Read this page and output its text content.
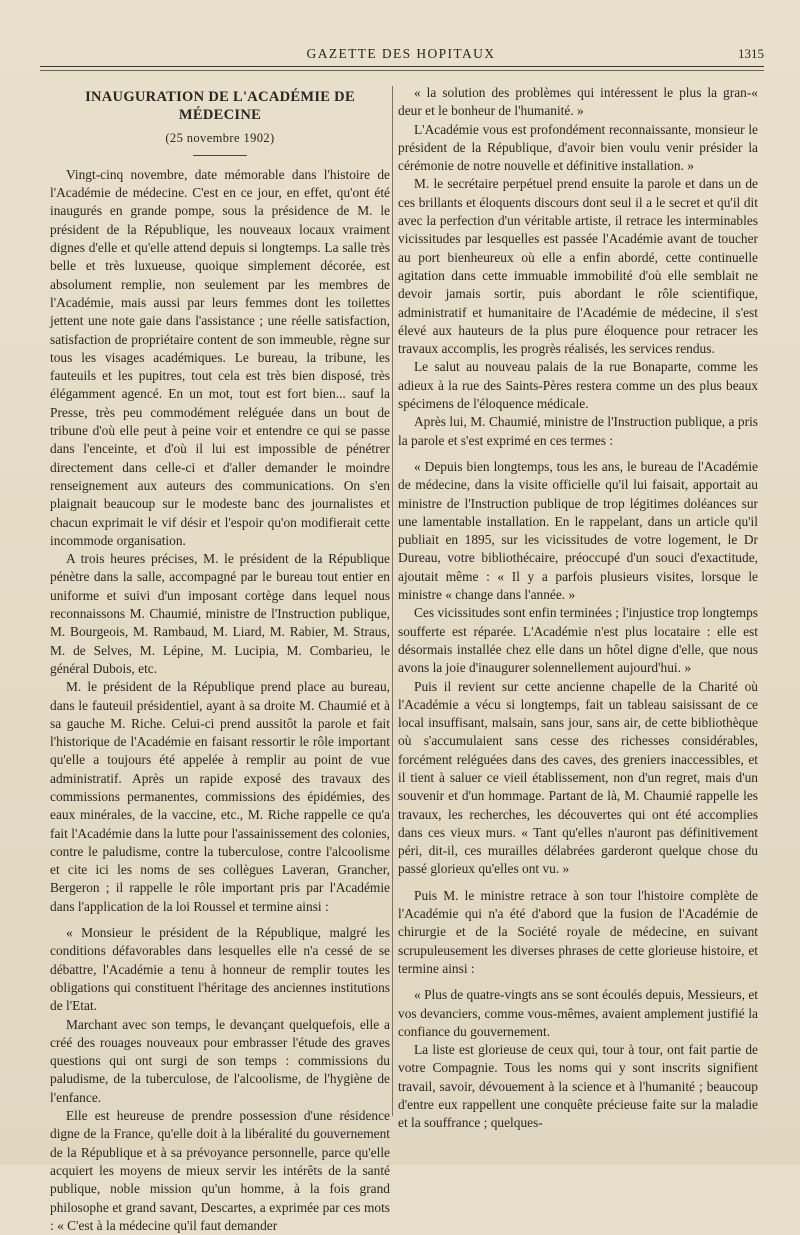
GAZETTE DES HOPITAUX	1315
INAUGURATION DE L'ACADÉMIE DE MÉDECINE
(25 novembre 1902)

Vingt-cinq novembre, date mémorable dans l'histoire de l'Académie de médecine. C'est en ce jour, en effet, qu'ont été inaugurés en grande pompe, sous la présidence de M. le président de la République, les nouveaux locaux vraiment dignes d'elle et qu'elle attend depuis si longtemps. La salle très belle et très luxueuse, quoique simplement décorée, est absolument remplie, non seulement par les membres de l'Académie, mais aussi par leurs femmes dont les toilettes jettent une note gaie dans l'assistance ; une réelle satisfaction, satisfaction de propriétaire content de son immeuble, règne sur tous les visages académiques. Le bureau, la tribune, les fauteuils et les pupitres, tout cela est très bien disposé, très élégamment agencé. En un mot, tout est fort bien... sauf la Presse, très peu commodément reléguée dans un bout de tribune d'où elle peut à peine voir et entendre ce qui se passe dans l'enceinte, et d'où il lui est impossible de pénétrer directement dans celle-ci et d'aller demander le moindre renseignement aux auteurs des communications. On s'en plaignait beaucoup sur le modeste banc des journalistes et chacun exprimait le vif désir et l'espoir qu'on modifierait cette incommode organisation.

A trois heures précises, M. le président de la République pénètre dans la salle, accompagné par le bureau tout entier en uniforme et suivi d'un imposant cortège dans lequel nous reconnaissons M. Chaumié, ministre de l'Instruction publique, M. Bourgeois, M. Rambaud, M. Liard, M. Rabier, M. Straus, M. de Selves, M. Lépine, M. Lucipia, M. Combarieu, le général Dubois, etc.

M. le président de la République prend place au bureau, dans le fauteuil présidentiel, ayant à sa droite M. Chaumié et à sa gauche M. Riche. Celui-ci prend aussitôt la parole et fait l'historique de l'Académie en faisant ressortir le rôle important qu'elle a toujours été appelée à remplir au point de vue administratif. Après un rapide exposé des travaux des commissions permanentes, commissions des épidémies, des eaux minérales, de la vaccine, etc., M. Riche rappelle ce qu'a fait l'Académie dans la lutte pour l'assainissement des colonies, contre le paludisme, contre la tuberculose, contre l'alcoolisme et cite ici les noms de ses collègues Laveran, Grancher, Bergeron ; il rappelle le rôle important pris par l'Académie dans l'application de la loi Roussel et termine ainsi :

« Monsieur le président de la République, malgré les conditions défavorables dans lesquelles elle n'a cessé de se débattre, l'Académie a tenu à honneur de remplir toutes les obligations qui constituent l'héritage des anciennes institutions de l'Etat.

Marchant avec son temps, le devançant quelquefois, elle a créé des rouages nouveaux pour embrasser l'étude des graves questions qui ont surgi de son temps : commissions du paludisme, de la tuberculose, de l'alcoolisme, de l'hygiène de l'enfance.

Elle est heureuse de prendre possession d'une résidence digne de la France, qu'elle doit à la libéralité du gouvernement de la République et à sa prévoyance personnelle, parce qu'elle acquiert les moyens de mieux servir les intérêts de la santé publique, noble mission qu'un homme, à la fois grand philosophe et grand savant, Descartes, a exprimée par ces mots : « C'est à la médecine qu'il faut demander

« la solution des problèmes qui intéressent le plus la gran-« deur et le bonheur de l'humanité. »

L'Académie vous est profondément reconnaissante, monsieur le président de la République, d'avoir bien voulu venir présider la cérémonie de notre nouvelle et définitive installation. »

M. le secrétaire perpétuel prend ensuite la parole et dans un de ces brillants et éloquents discours dont seul il a le secret et qu'il dit avec la perfection d'un véritable artiste, il retrace les interminables vicissitudes par lesquelles est passée l'Académie avant de toucher au port bienheureux où elle a enfin abordé, cette continuelle agitation dans cette immuable immobilité d'où elle semblait ne devoir jamais sortir, puis abordant le rôle scientifique, administratif et humanitaire de l'Académie de médecine, il s'est élevé aux hauteurs de la plus pure éloquence pour retracer les travaux accomplis, les progrès réalisés, les services rendus.

Le salut au nouveau palais de la rue Bonaparte, comme les adieux à la rue des Saints-Pères restera comme un des plus beaux spécimens de l'éloquence médicale.

Après lui, M. Chaumié, ministre de l'Instruction publique, a pris la parole et s'est exprimé en ces termes :

« Depuis bien longtemps, tous les ans, le bureau de l'Académie de médecine, dans la visite officielle qu'il lui faisait, apportait au ministre de l'Instruction publique de trop légitimes doléances sur une lamentable installation. En le rappelant, dans un article qu'il publiait en 1895, sur les vicissitudes de votre logement, le Dr Dureau, votre bibliothécaire, préoccupé d'un souci d'exactitude, ajoutait même : « Il y a parfois plusieurs visites, lorsque le ministre « change dans l'année. »

Ces vicissitudes sont enfin terminées ; l'injustice trop longtemps soufferte est réparée. L'Académie n'est plus locataire : elle est désormais installée chez elle dans un hôtel digne d'elle, que nous avons la joie d'inaugurer solennellement aujourd'hui. »

Puis il revient sur cette ancienne chapelle de la Charité où l'Académie a vécu si longtemps, fait un tableau saisissant de ce local insuffisant, malsain, sans jour, sans air, de cette bibliothèque où s'accumulaient sans cesse des richesses considérables, forcément reléguées dans des caves, des greniers inaccessibles, et il tient à saluer ce vieil établissement, non d'un regret, mais d'un souvenir et d'un hommage. Partant de là, M. Chaumié rappelle les travaux, les recherches, les découvertes qui ont été accomplies dans ces vieux murs. « Tant qu'elles n'auront pas définitivement péri, dit-il, ces murailles délabrées garderont quelque chose du passé glorieux qu'elles ont vu. »

Puis M. le ministre retrace à son tour l'histoire complète de l'Académie qui n'a été d'abord que la fusion de l'Académie de chirurgie et de la Société royale de médecine, en suivant scrupuleusement les diverses phrases de cette glorieuse histoire, et termine ainsi :

« Plus de quatre-vingts ans se sont écoulés depuis, Messieurs, et vos devanciers, comme vous-mêmes, avaient amplement justifié la confiance du gouvernement.

La liste est glorieuse de ceux qui, tour à tour, ont fait partie de votre Compagnie. Tous les noms qui y sont inscrits signifient travail, savoir, dévouement à la science et à l'humanité ; beaucoup d'entre eux rappellent une conquête précieuse faite sur la maladie et la souffrance ; quelques-
